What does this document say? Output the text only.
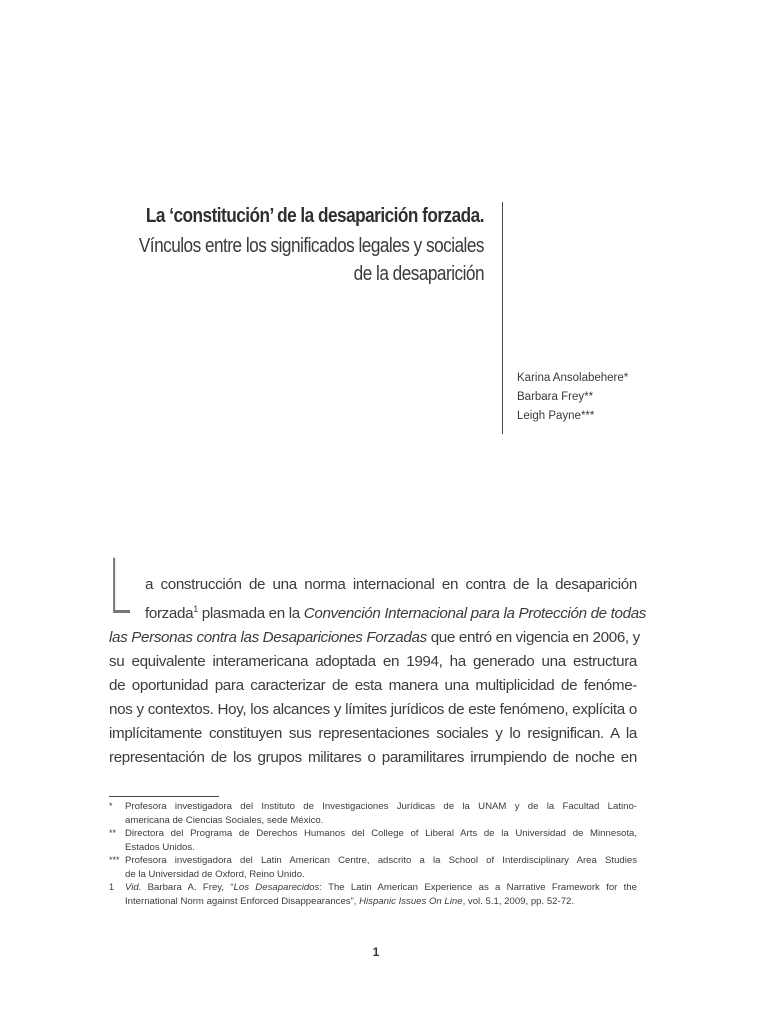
La ‘constitución’ de la desaparición forzada.
Vínculos entre los significados legales y sociales
de la desaparición
Karina Ansolabehere*
Barbara Frey**
Leigh Payne***
L a construcción de una norma internacional en contra de la desaparición
forzada$^1$ plasmada en la Convención Internacional para la Protección de todas
las Personas contra las Desapariciones Forzadas que entró en vigencia en 2006, y
su equivalente interamericana adoptada en 1994, ha generado una estructura
de oportunidad para caracterizar de esta manera una multiplicidad de fenóme-
nos y contextos. Hoy, los alcances y límites jurídicos de este fenómeno, explícita o
implícitamente constituyen sus representaciones sociales y lo resignifican. A la
representación de los grupos militares o paramilitares irrumpiendo de noche en
*	Profesora investigadora del Instituto de Investigaciones Jurídicas de la UNAM y de la Facultad Latino-
americana de Ciencias Sociales, sede México.
** Directora del Programa de Derechos Humanos del College of Liberal Arts de la Universidad de Minnesota,
Estados Unidos.
*** Profesora investigadora del Latin American Centre, adscrito a la School of Interdisciplinary Area Studies
de la Universidad de Oxford, Reino Unido.
1	Vid. Barbara A. Frey, “Los Desaparecidos: The Latin American Experience as a Narrative Framework for the
International Norm against Enforced Disappearances”, Hispanic Issues On Line, vol. 5.1, 2009, pp. 52-72.
1
